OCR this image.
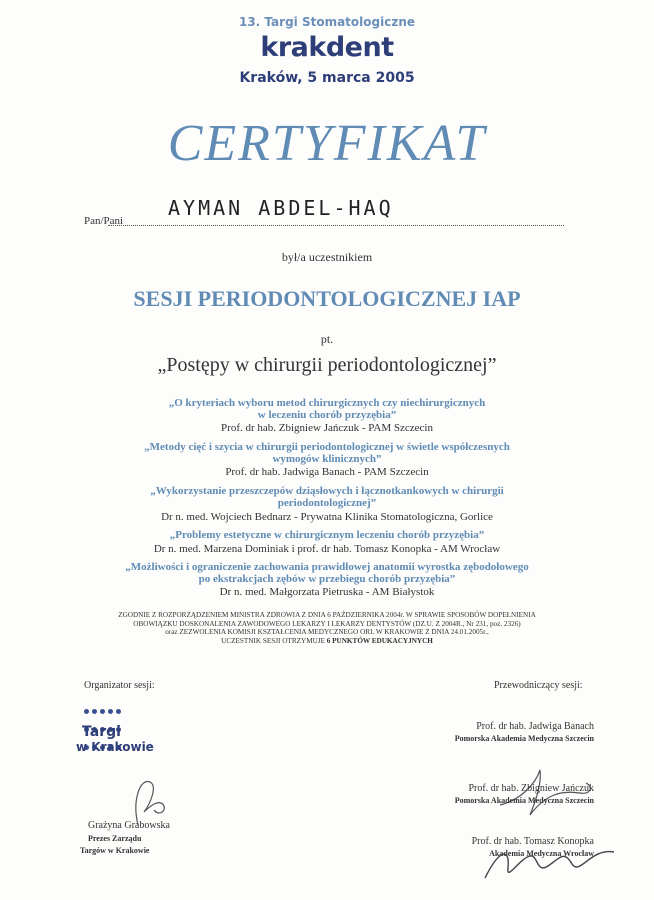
13. Targi Stomatologiczne
krakdent
Kraków, 5 marca 2005
CERTYFIKAT
Pan/Pani
AYMAN ABDEL-HAQ
był/a uczestnikiem
SESJI PERIODONTOLOGICZNEJ IAP
pt.
„Postępy w chirurgii periodontologicznej”
„O kryteriach wyboru metod chirurgicznych czy niechirurgicznych
w leczeniu chorób przyzębia”
Prof. dr hab. Zbigniew Jańczuk - PAM Szczecin
„Metody cięć i szycia w chirurgii periodontologicznej w świetle współczesnych
wymogów klinicznych”
Prof. dr hab. Jadwiga Banach - PAM Szczecin
„Wykorzystanie przeszczepów dziąsłowych i łącznotkankowych w chirurgii
periodontologicznej”
Dr n. med. Wojciech Bednarz - Prywatna Klinika Stomatologiczna, Gorlice
„Problemy estetyczne w chirurgicznym leczeniu chorób przyzębia”
Dr n. med. Marzena Dominiak i prof. dr hab. Tomasz Konopka - AM Wrocław
„Możliwości i ograniczenie zachowania prawidłowej anatomii wyrostka zębodołowego
po ekstrakcjach zębów w przebiegu chorób przyzębia”
Dr n. med. Małgorzata Pietruska - AM Białystok
ZGODNIE Z ROZPORZĄDZENIEM MINISTRA ZDROWIA Z DNIA 6 PAŹDZIERNIKA 2004r. W SPRAWIE SPOSOBÓW DOPEŁNIENIA
OBOWIĄZKU DOSKONALENIA ZAWODOWEGO LEKARZY I LEKARZY DENTYSTÓW (DZ.U. Z 2004R., Nr 231, poz. 2326)
oraz ZEZWOLENIA KOMISJI KSZTAŁCENIA MEDYCZNEGO ORL W KRAKOWIE Z DNIA 24.01.2005r.,
UCZESTNIK SESJI OTRZYMUJE 6 PUNKTÓW EDUKACYJNYCH
Organizator sesji:
Targi
w Krakowie
Grażyna Grabowska
Prezes Zarządu
Targów w Krakowie
Przewodniczący sesji:
Prof. dr hab. Jadwiga Banach
Pomorska Akademia Medyczna Szczecin
Prof. dr hab. Zbigniew Jańczuk
Pomorska Akademia Medyczna Szczecin
Prof. dr hab. Tomasz Konopka
Akademia Medyczna Wrocław
